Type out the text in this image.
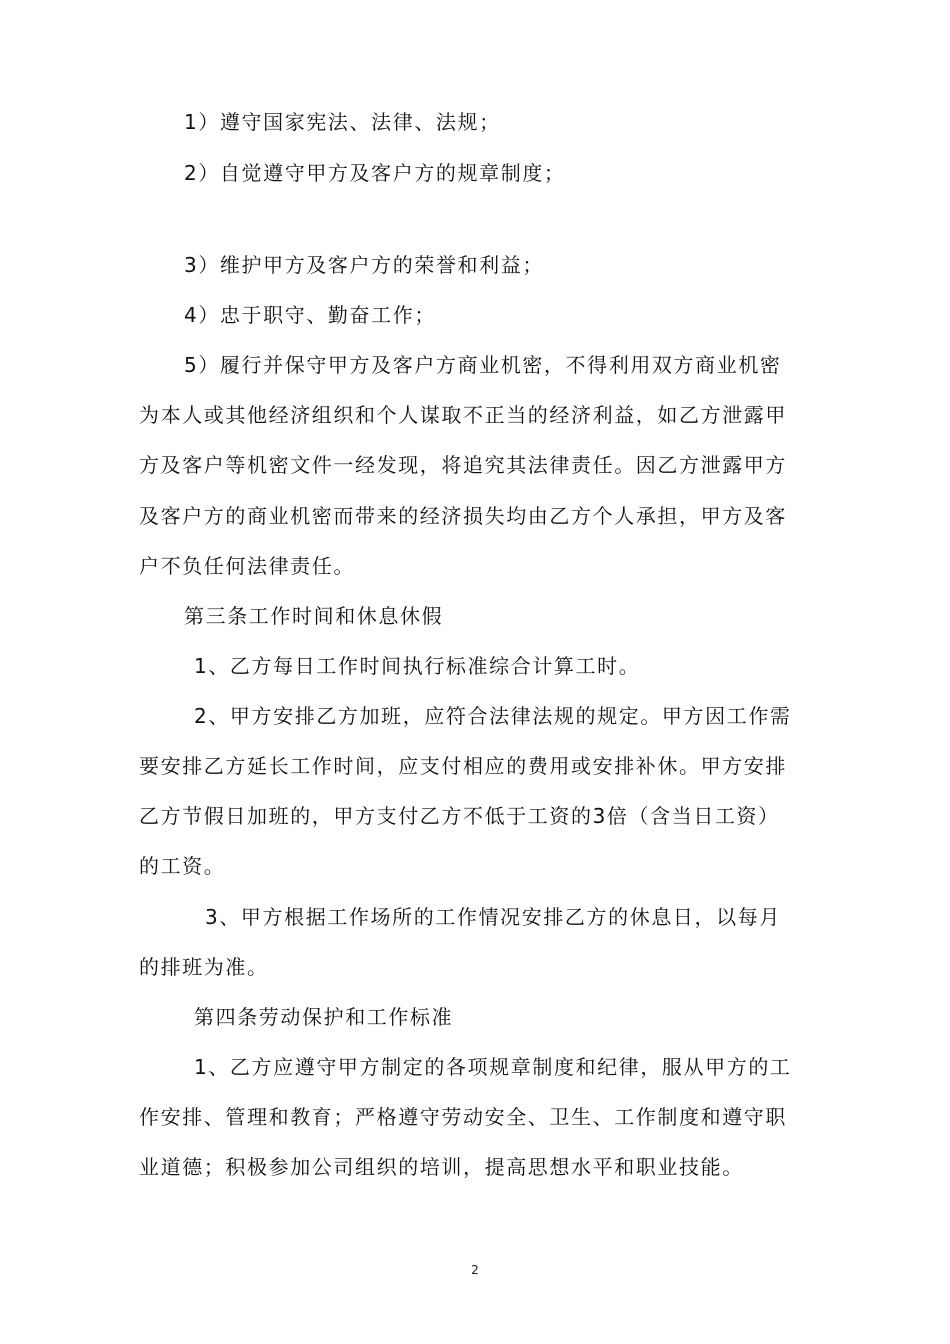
1）遵守国家宪法、法律、法规；
2）自觉遵守甲方及客户方的规章制度；
3）维护甲方及客户方的荣誉和利益；
4）忠于职守、勤奋工作；
5）履行并保守甲方及客户方商业机密，不得利用双方商业机密
为本人或其他经济组织和个人谋取不正当的经济利益，如乙方泄露甲
方及客户等机密文件一经发现，将追究其法律责任。因乙方泄露甲方
及客户方的商业机密而带来的经济损失均由乙方个人承担，甲方及客
户不负任何法律责任。
第三条工作时间和休息休假
1、乙方每日工作时间执行标准综合计算工时。
2、甲方安排乙方加班，应符合法律法规的规定。甲方因工作需
要安排乙方延长工作时间，应支付相应的费用或安排补休。甲方安排
乙方节假日加班的，甲方支付乙方不低于工资的3倍（含当日工资）
的工资。
3、甲方根据工作场所的工作情况安排乙方的休息日，以每月
的排班为准。
第四条劳动保护和工作标准
1、乙方应遵守甲方制定的各项规章制度和纪律，服从甲方的工
作安排、管理和教育；严格遵守劳动安全、卫生、工作制度和遵守职
业道德；积极参加公司组织的培训，提高思想水平和职业技能。
2
